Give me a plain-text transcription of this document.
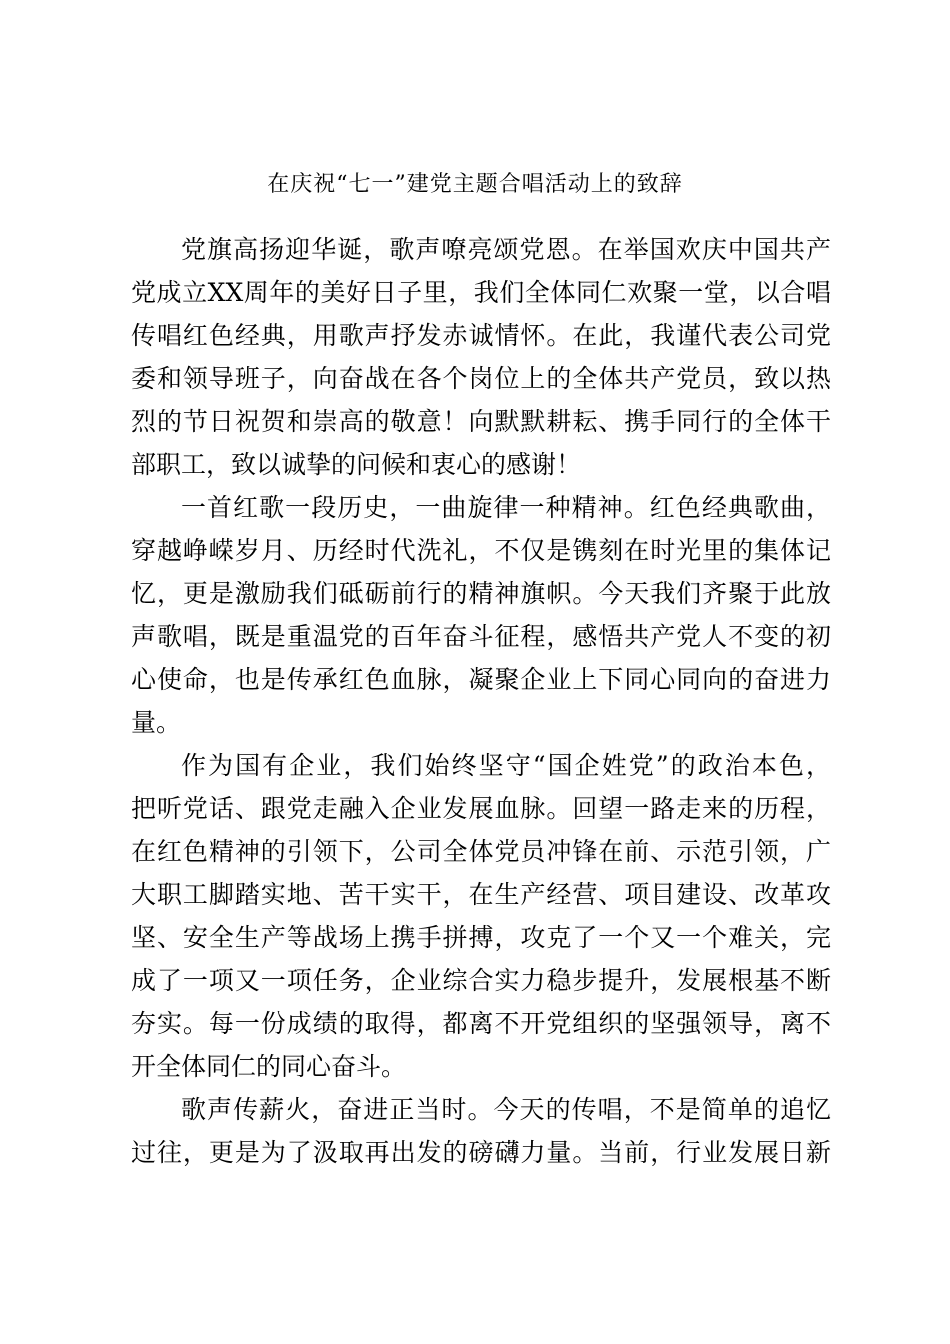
在庆祝“七一”建党主题合唱活动上的致辞

党旗高扬迎华诞，歌声嘹亮颂党恩。在举国欢庆中国共产
党成立XX周年的美好日子里，我们全体同仁欢聚一堂，以合唱
传唱红色经典，用歌声抒发赤诚情怀。在此，我谨代表公司党
委和领导班子，向奋战在各个岗位上的全体共产党员，致以热
烈的节日祝贺和崇高的敬意！向默默耕耘、携手同行的全体干
部职工，致以诚挚的问候和衷心的感谢！

一首红歌一段历史，一曲旋律一种精神。红色经典歌曲，
穿越峥嵘岁月、历经时代洗礼，不仅是镌刻在时光里的集体记
忆，更是激励我们砥砺前行的精神旗帜。今天我们齐聚于此放
声歌唱，既是重温党的百年奋斗征程，感悟共产党人不变的初
心使命，也是传承红色血脉，凝聚企业上下同心同向的奋进力
量。

作为国有企业，我们始终坚守“国企姓党”的政治本色，
把听党话、跟党走融入企业发展血脉。回望一路走来的历程，
在红色精神的引领下，公司全体党员冲锋在前、示范引领，广
大职工脚踏实地、苦干实干，在生产经营、项目建设、改革攻
坚、安全生产等战场上携手拼搏，攻克了一个又一个难关，完
成了一项又一项任务，企业综合实力稳步提升，发展根基不断
夯实。每一份成绩的取得，都离不开党组织的坚强领导，离不
开全体同仁的同心奋斗。

歌声传薪火，奋进正当时。今天的传唱，不是简单的追忆
过往，更是为了汲取再出发的磅礴力量。当前，行业发展日新
